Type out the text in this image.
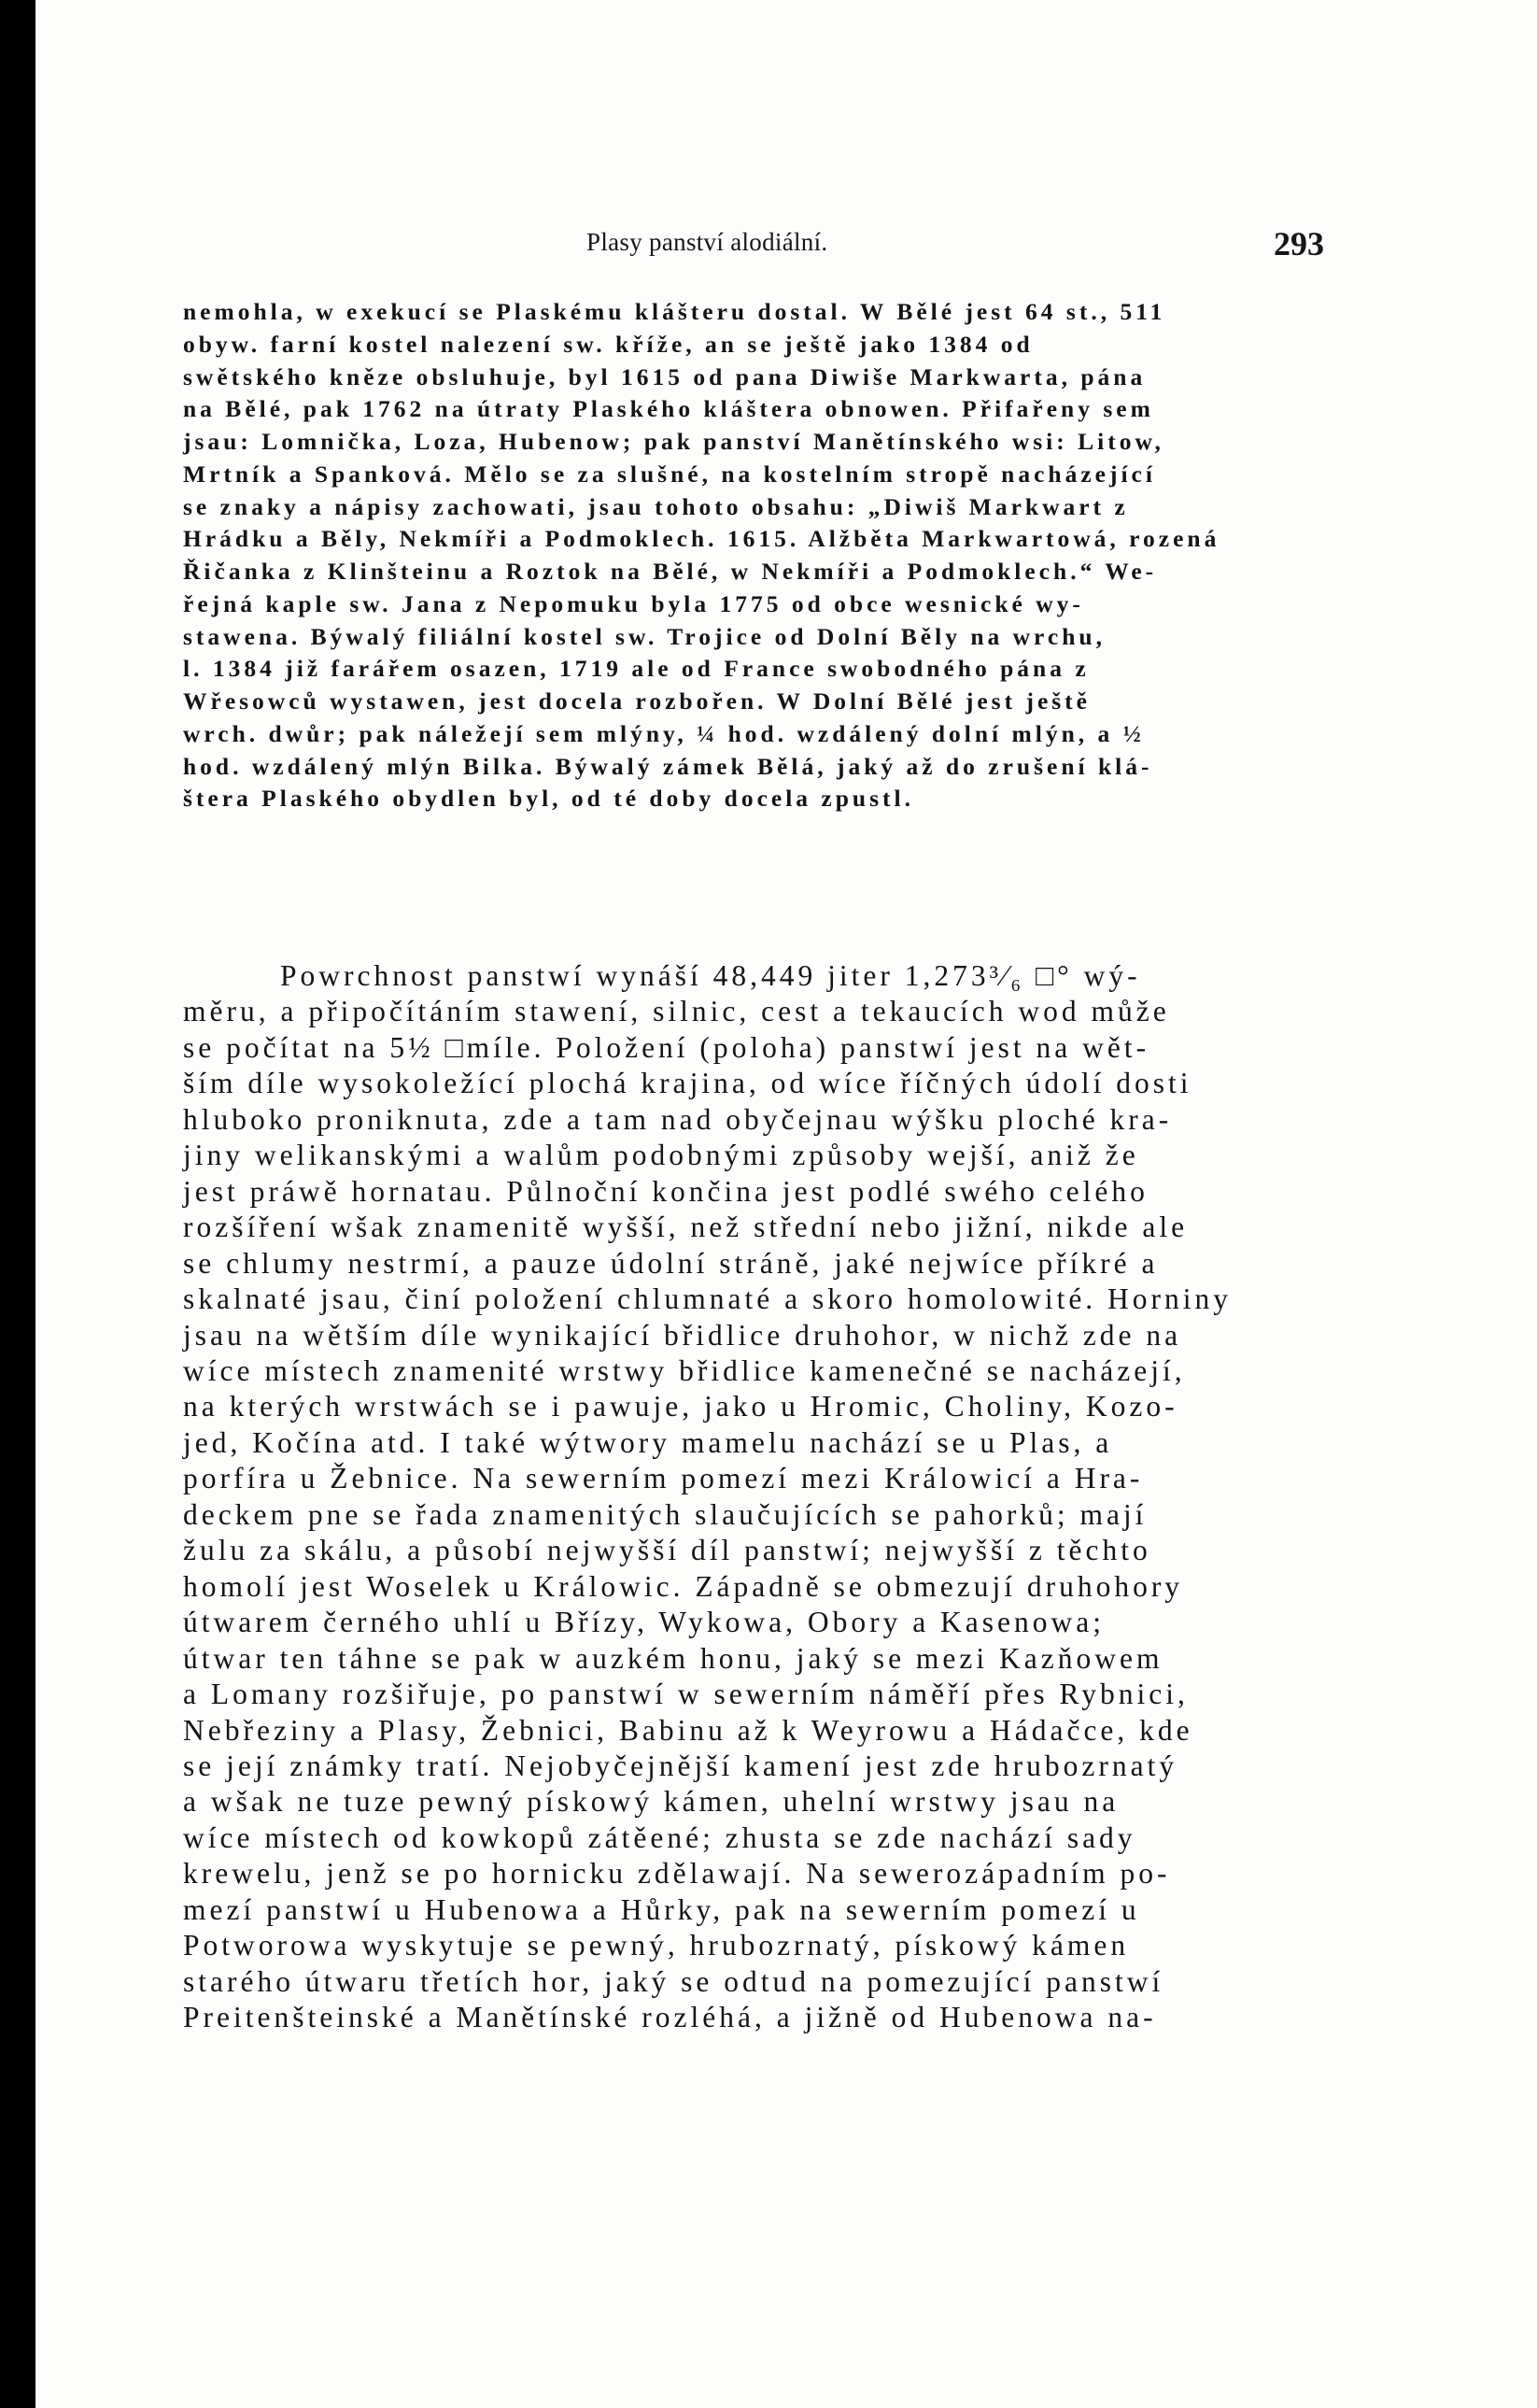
Plasy panství alodiální.	293
nemohla, w exekucí se Plaskému klášteru dostal. W Bělé jest 64 st., 511
obyw. farní kostel nalezení sw. kříže, an se ještě jako 1384 od
swětského kněze obsluhuje, byl 1615 od pana Diwiše Markwarta, pána
na Bělé, pak 1762 na útraty Plaského kláštera obnowen. Přifařeny sem
jsau: Lomnička, Loza, Hubenow; pak panství Manětínského wsi: Litow,
Mrtník a Spanková. Mělo se za slušné, na kostelním stropě nacházející
se znaky a nápisy zachowati, jsau tohoto obsahu: „Diwiš Markwart z
Hrádku a Běly, Nekmíři a Podmoklech. 1615. Alžběta Markwartowá, rozená
Řičanka z Klinšteinu a Roztok na Bělé, w Nekmíři a Podmoklech.“ We-
řejná kaple sw. Jana z Nepomuku byla 1775 od obce wesnické wy-
stawena. Býwalý filiální kostel sw. Trojice od Dolní Běly na wrchu,
l. 1384 již farářem osazen, 1719 ale od France swobodného pána z
Wřesowců wystawen, jest docela rozbořen. W Dolní Bělé jest ještě
wrch. dwůr; pak náležejí sem mlýny, ¼ hod. wzdálený dolní mlýn, a ½
hod. wzdálený mlýn Bilka. Býwalý zámek Bělá, jaký až do zrušení klá-
štera Plaského obydlen byl, od té doby docela zpustl.
Powrchnost panstwí wynáší 48,449 jiter 1,273³⁄₆ □° wý-
měru, a připočítáním stawení, silnic, cest a tekaucích wod může
se počítat na 5½ □míle. Položení (poloha) panstwí jest na wět-
ším díle wysokoležící plochá krajina, od wíce říčných údolí dosti
hluboko proniknuta, zde a tam nad obyčejnau wýšku ploché kra-
jiny welikanskými a walům podobnými způsoby wejší, aniž že
jest práwě hornatau. Půlnoční končina jest podlé swého celého
rozšíření wšak znamenitě wyšší, než střední nebo jižní, nikde ale
se chlumy nestrmí, a pauze údolní stráně, jaké nejwíce příkré a
skalnaté jsau, činí položení chlumnaté a skoro homolowité. Horniny
jsau na wětším díle wynikající břidlice druhohor, w nichž zde na
wíce místech znamenité wrstwy břidlice kamenečné se nacházejí,
na kterých wrstwách se i pawuje, jako u Hromic, Choliny, Kozo-
jed, Kočína atd. I také wýtwory mamelu nachází se u Plas, a
porfíra u Žebnice. Na sewerním pomezí mezi Králowicí a Hra-
deckem pne se řada znamenitých slaučujících se pahorků; mají
žulu za skálu, a působí nejwyšší díl panstwí; nejwyšší z těchto
homolí jest Woselek u Králowic. Západně se obmezují druhohory
útwarem černého uhlí u Břízy, Wykowa, Obory a Kasenowa;
útwar ten táhne se pak w auzkém honu, jaký se mezi Kazňowem
a Lomany rozšiřuje, po panstwí w sewerním náměří přes Rybnici,
Nebřeziny a Plasy, Žebnici, Babinu až k Weyrowu a Hádačce, kde
se její známky tratí. Nejobyčejnější kamení jest zde hrubozrnatý
a wšak ne tuze pewný pískowý kámen, uhelní wrstwy jsau na
wíce místech od kowkopů zátěené; zhusta se zde nachází sady
krewelu, jenž se po hornicku zdělawají. Na sewerozápadním po-
mezí panstwí u Hubenowa a Hůrky, pak na sewerním pomezí u
Potworowa wyskytuje se pewný, hrubozrnatý, pískowý kámen
starého útwaru třetích hor, jaký se odtud na pomezující panstwí
Preitenšteinské a Manětínské rozléhá, a jižně od Hubenowa na-
